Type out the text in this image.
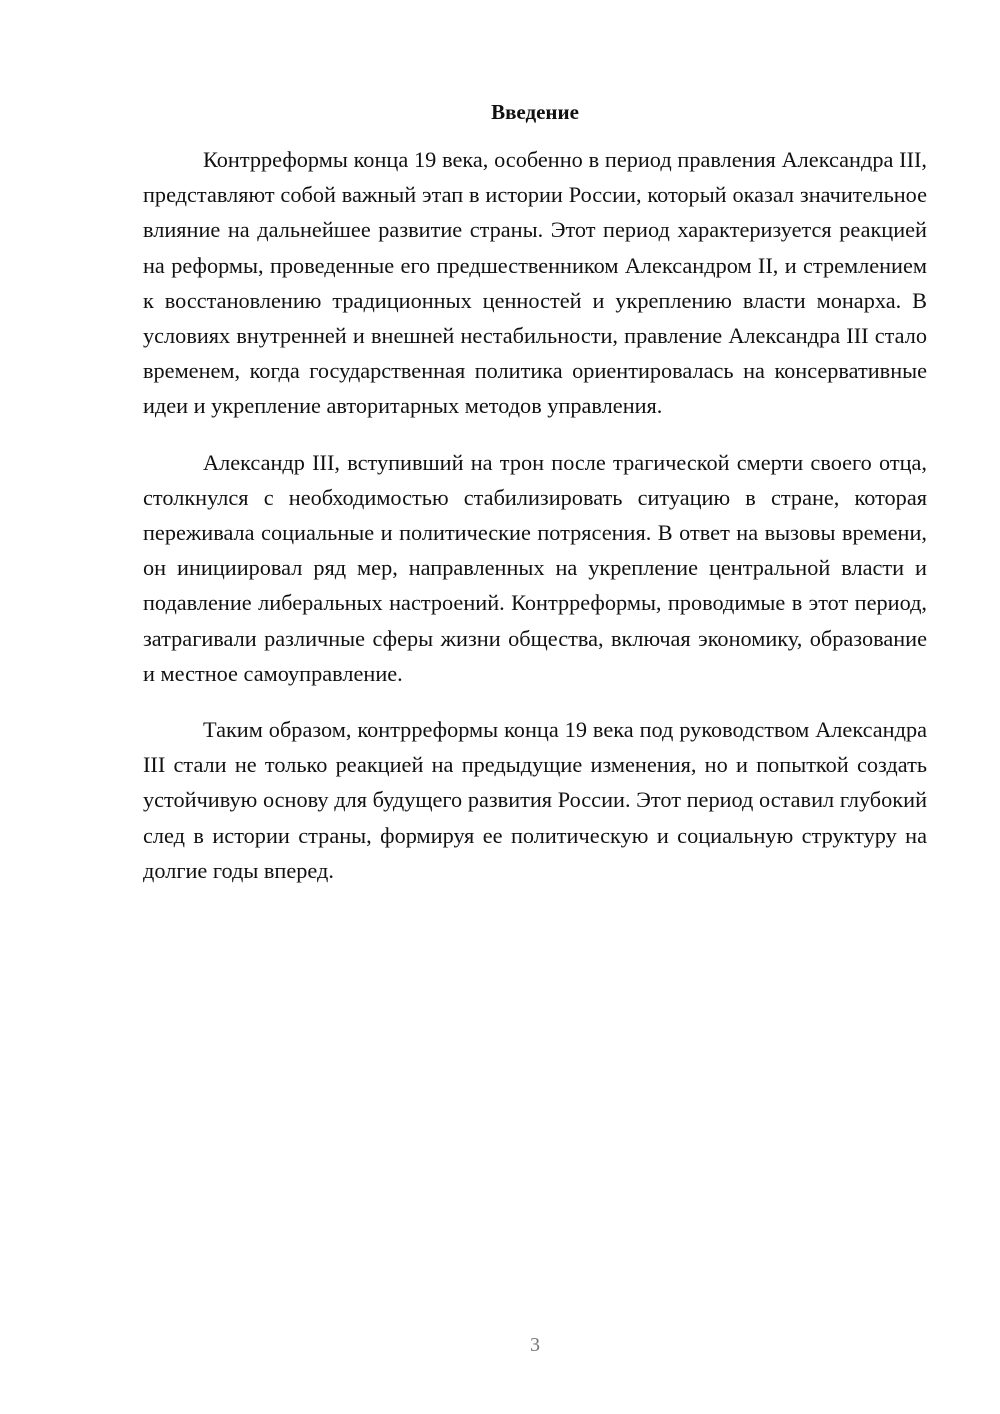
Введение

Контрреформы конца 19 века, особенно в период правления Александра III, представляют собой важный этап в истории России, который оказал значительное влияние на дальнейшее развитие страны. Этот период характеризуется реакцией на реформы, проведенные его предшественником Александром II, и стремлением к восстановлению традиционных ценностей и укреплению власти монарха. В условиях внутренней и внешней нестабильности, правление Александра III стало временем, когда государственная политика ориентировалась на консервативные идеи и укрепление авторитарных методов управления.

Александр III, вступивший на трон после трагической смерти своего отца, столкнулся с необходимостью стабилизировать ситуацию в стране, которая переживала социальные и политические потрясения. В ответ на вызовы времени, он инициировал ряд мер, направленных на укрепление центральной власти и подавление либеральных настроений. Контрреформы, проводимые в этот период, затрагивали различные сферы жизни общества, включая экономику, образование и местное самоуправление.

Таким образом, контрреформы конца 19 века под руководством Александра III стали не только реакцией на предыдущие изменения, но и попыткой создать устойчивую основу для будущего развития России. Этот период оставил глубокий след в истории страны, формируя ее политическую и социальную структуру на долгие годы вперед.

3
